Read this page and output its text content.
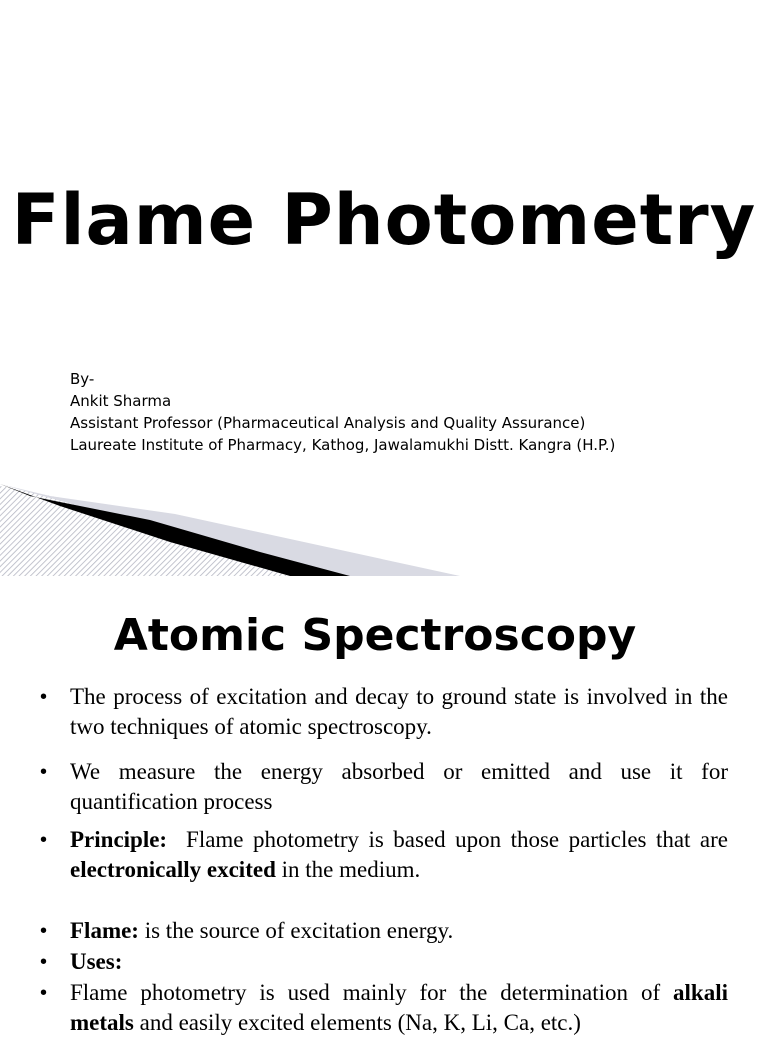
Flame Photometry
By-
Ankit Sharma
Assistant Professor (Pharmaceutical Analysis and Quality Assurance)
Laureate Institute of Pharmacy, Kathog, Jawalamukhi Distt. Kangra (H.P.)
Atomic Spectroscopy
• The process of excitation and decay to ground state is involved in the two techniques of atomic spectroscopy.
• We measure the energy absorbed or emitted and use it for quantification process
• Principle:  Flame photometry is based upon those particles that are electronically excited in the medium.
• Flame: is the source of excitation energy.
• Uses:
• Flame photometry is used mainly for the determination of alkali metals and easily excited elements (Na, K, Li, Ca, etc.)
